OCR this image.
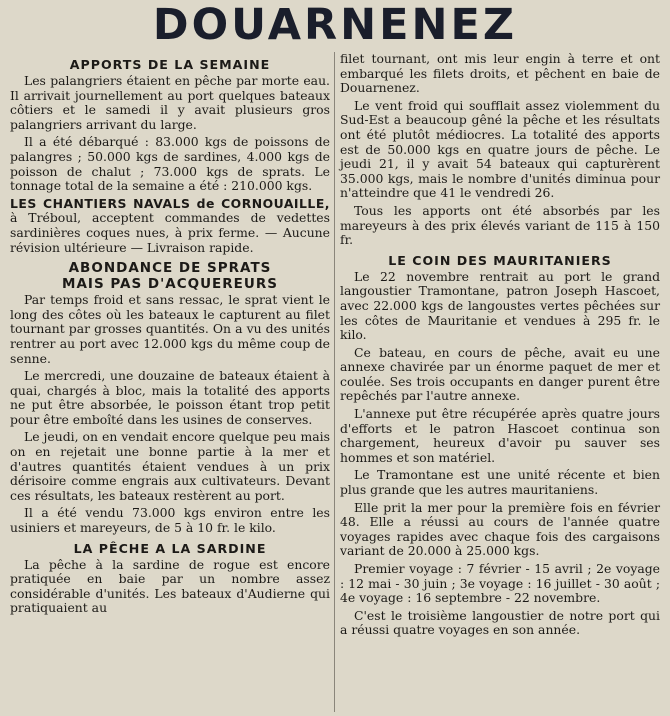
DOUARNENEZ
APPORTS DE LA SEMAINE

Les palangriers étaient en pêche par morte eau. Il arrivait journellement au port quelques bateaux côtiers et le samedi il y avait plusieurs gros palangriers arrivant du large.

Il a été débarqué : 83.000 kgs de poissons de palangres ; 50.000 kgs de sardines, 4.000 kgs de poisson de chalut ; 73.000 kgs de sprats. Le tonnage total de la semaine a été : 210.000 kgs.

LES CHANTIERS NAVALS de CORNOUAILLE, à Tréboul, acceptent commandes de vedettes sardinières coques nues, à prix ferme. — Aucune révision ultérieure — Livraison rapide.

ABONDANCE DE SPRATS
MAIS PAS D'ACQUEREURS

Par temps froid et sans ressac, le sprat vient le long des côtes où les bateaux le capturent au filet tournant par grosses quantités. On a vu des unités rentrer au port avec 12.000 kgs du même coup de senne.

Le mercredi, une douzaine de bateaux étaient à quai, chargés à bloc, mais la totalité des apports ne put être absorbée, le poisson étant trop petit pour être emboîté dans les usines de conserves.

Le jeudi, on en vendait encore quelque peu mais on en rejetait une bonne partie à la mer et d'autres quantités étaient vendues à un prix dérisoire comme engrais aux cultivateurs. Devant ces résultats, les bateaux restèrent au port.

Il a été vendu 73.000 kgs environ entre les usiniers et mareyeurs, de 5 à 10 fr. le kilo.

LA PÊCHE A LA SARDINE

La pêche à la sardine de rogue est encore pratiquée en baie par un nombre assez considérable d'unités. Les bateaux d'Audierne qui pratiquaient au

filet tournant, ont mis leur engin à terre et ont embarqué les filets droits, et pêchent en baie de Douarnenez.

Le vent froid qui soufflait assez violemment du Sud-Est a beaucoup gêné la pêche et les résultats ont été plutôt médiocres. La totalité des apports est de 50.000 kgs en quatre jours de pêche. Le jeudi 21, il y avait 54 bateaux qui capturèrent 35.000 kgs, mais le nombre d'unités diminua pour n'atteindre que 41 le vendredi 26.

Tous les apports ont été absorbés par les mareyeurs à des prix élevés variant de 115 à 150 fr.

LE COIN DES MAURITANIERS

Le 22 novembre rentrait au port le grand langoustier Tramontane, patron Joseph Hascoet, avec 22.000 kgs de langoustes vertes pêchées sur les côtes de Mauritanie et vendues à 295 fr. le kilo.

Ce bateau, en cours de pêche, avait eu une annexe chavirée par un énorme paquet de mer et coulée. Ses trois occupants en danger purent être repêchés par l'autre annexe.

L'annexe put être récupérée après quatre jours d'efforts et le patron Hascoet continua son chargement, heureux d'avoir pu sauver ses hommes et son matériel.

Le Tramontane est une unité récente et bien plus grande que les autres mauritaniens.

Elle prit la mer pour la première fois en février 48. Elle a réussi au cours de l'année quatre voyages rapides avec chaque fois des cargaisons variant de 20.000 à 25.000 kgs.

Premier voyage : 7 février - 15 avril ; 2e voyage : 12 mai - 30 juin ; 3e voyage : 16 juillet - 30 août ; 4e voyage : 16 septembre - 22 novembre.

C'est le troisième langoustier de notre port qui a réussi quatre voyages en son année.
